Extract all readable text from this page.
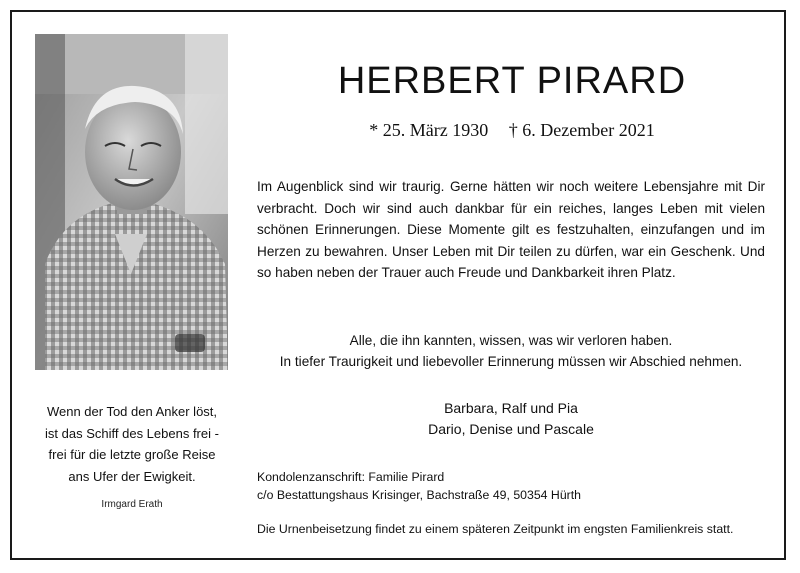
Wenn der Tod den Anker löst,
ist das Schiff des Lebens frei -
frei für die letzte große Reise
ans Ufer der Ewigkeit.
Irmgard Erath
HERBERT PIRARD
* 25. März 1930 † 6. Dezember 2021
Im Augenblick sind wir traurig. Gerne hätten wir noch weitere Lebensjahre mit Dir verbracht. Doch wir sind auch dankbar für ein reiches, langes Leben mit vielen schönen Erinnerungen. Diese Momente gilt es festzuhalten, einzufangen und im Herzen zu bewahren. Unser Leben mit Dir teilen zu dürfen, war ein Geschenk. Und so haben neben der Trauer auch Freude und Dankbarkeit ihren Platz.
Alle, die ihn kannten, wissen, was wir verloren haben.
In tiefer Traurigkeit und liebevoller Erinnerung müssen wir Abschied nehmen.
Barbara, Ralf und Pia
Dario, Denise und Pascale
Kondolenzanschrift: Familie Pirard
c/o Bestattungshaus Krisinger, Bachstraße 49, 50354 Hürth
Die Urnenbeisetzung findet zu einem späteren Zeitpunkt im engsten Familienkreis statt.
